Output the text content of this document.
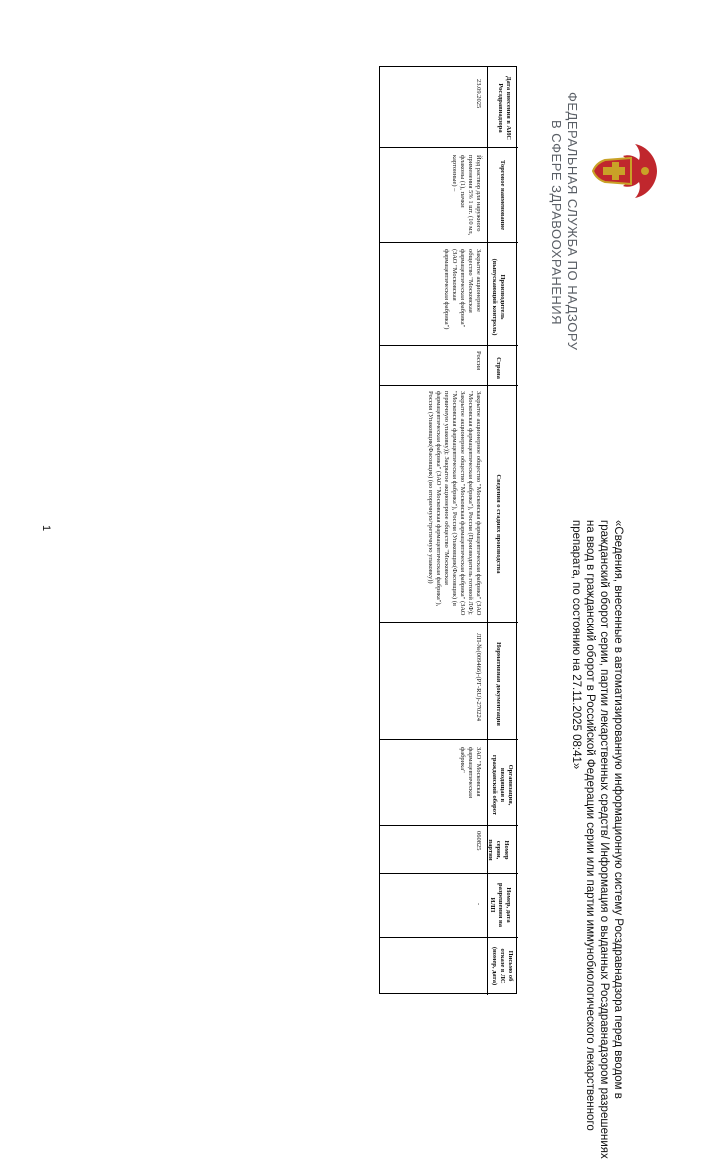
«Сведения, внесенные в автоматизированную информационную систему Росздравнадзора перед вводом в
гражданский оборот серии, партии лекарственных средств/ Информация о выданных Росздравнадзором разрешениях
на ввод в гражданский оборот в Российской Федерации серии или партии иммунобиологического лекарственного
препарата, по состоянию на 27.11.2025 08:41»
ФЕДЕРАЛЬНАЯ СЛУЖБА ПО НАДЗОРУ
В СФЕРЕ ЗДРАВООХРАНЕНИЯ
Дата внесения в АИС Росздравнадзора
Торговое наименование
Производитель (выпускающий контроль)
Страна
Сведения о стадиях производства
Нормативная документация
Организация, вводящая в гражданский оборот
Номер серии, партии
Номер, дата разрешения на ИЛП
Письмо об отказе в ЛС (номер, дата)
23.09.2025
Йод раствор для наружного применения 5% 1 шт. (10 мл, флаконы (1), пачки картонные) –
Закрытое акционерное общество "Московская фармацевтическая фабрика" (ЗАО "Московская фармацевтическая фабрика")
Россия
Закрытое акционерное общество "Московская фармацевтическая фабрика" (ЗАО "Московская фармацевтическая фабрика"), Россия (Производитель готовой ЛФ); Закрытое акционерное общество "Московская фармацевтическая фабрика" (ЗАО "Московская фармацевтическая фабрика"), Россия (Упаковщик(Фасовщик) (в первичную упаковку)); Закрытое акционерное общество "Московская фармацевтическая фабрика" (ЗАО "Московская фармацевтическая фабрика"), Россия (Упаковщик(Фасовщик) (во вторичную/третичную упаковку))
ЛП-№(009466)-(РГ-RU)-270224
ЗАО "Московская фармацевтическая фабрика"
060825
-
1
